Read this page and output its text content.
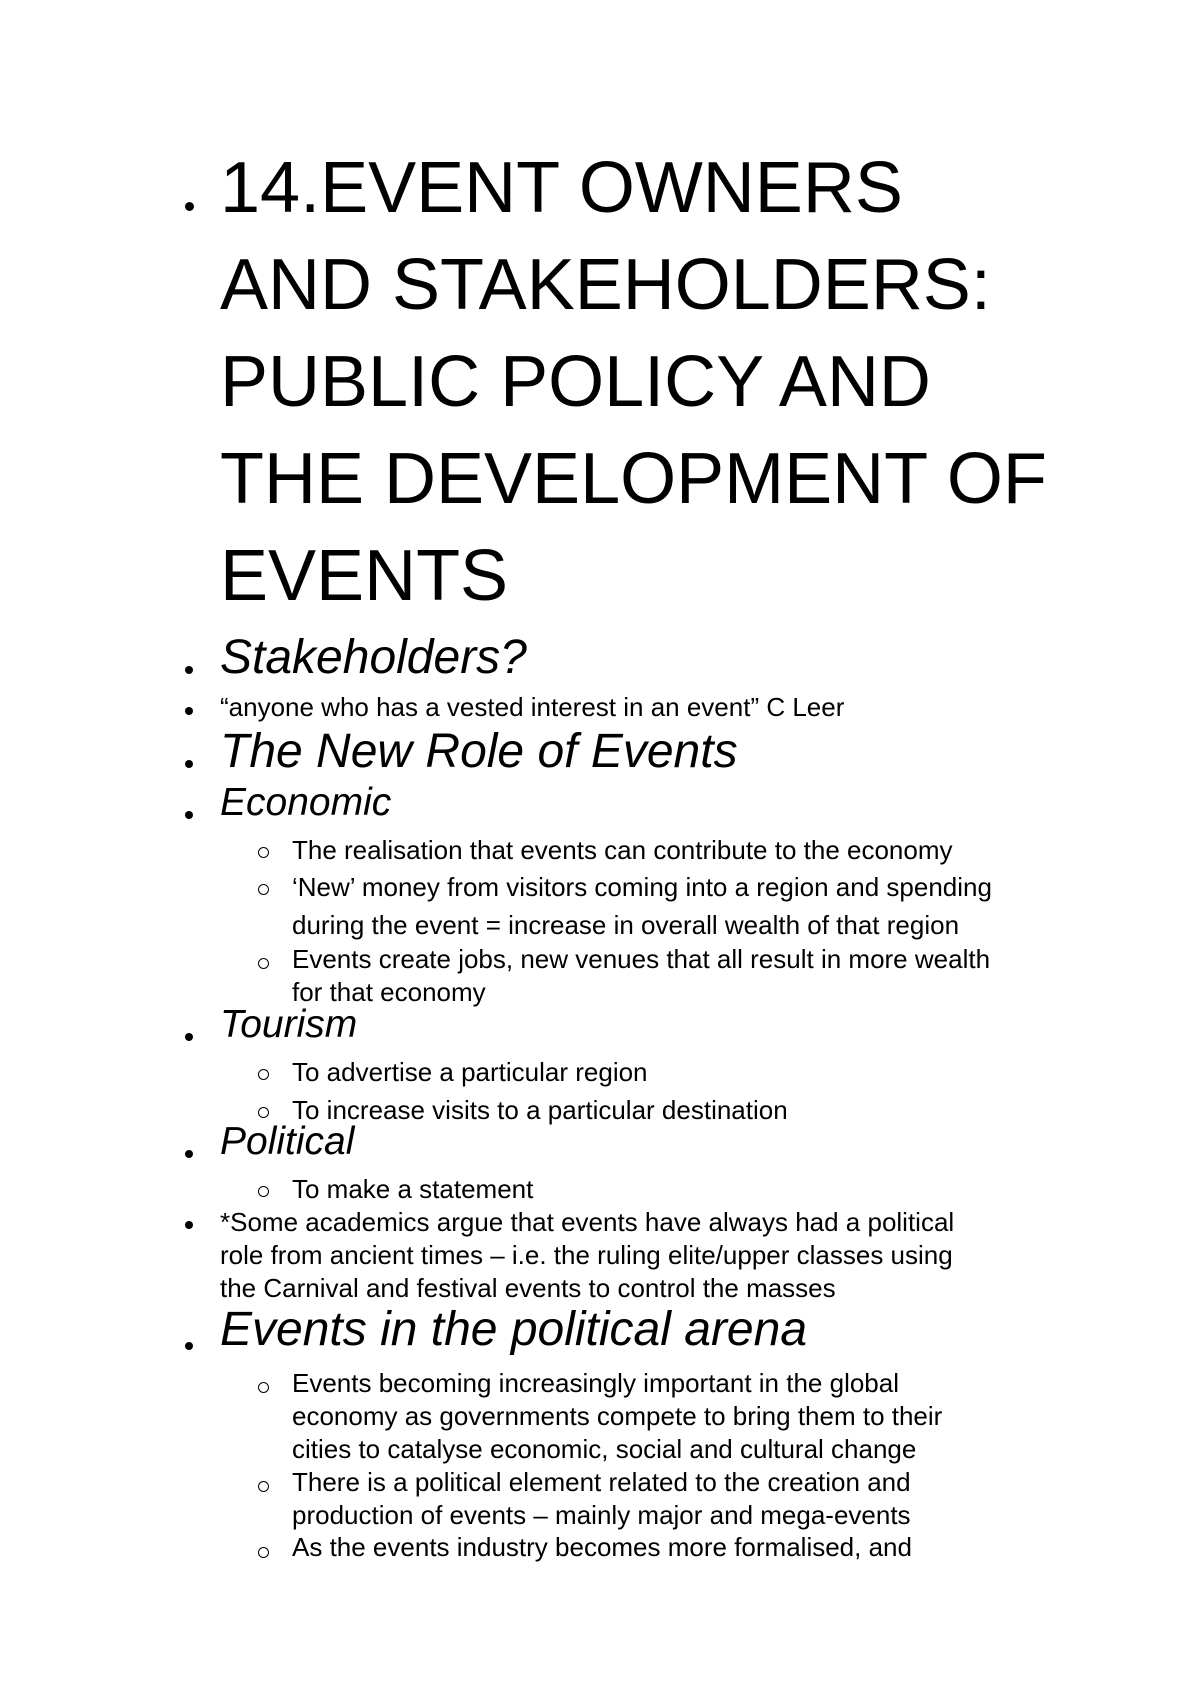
14.EVENT OWNERS
AND STAKEHOLDERS:
PUBLIC POLICY AND
THE DEVELOPMENT OF
EVENTS
Stakeholders?
“anyone who has a vested interest in an event” C Leer
The New Role of Events
Economic
The realisation that events can contribute to the economy
‘New’ money from visitors coming into a region and spending
during the event = increase in overall wealth of that region
Events create jobs, new venues that all result in more wealth
for that economy
Tourism
To advertise a particular region
To increase visits to a particular destination
Political
To make a statement
*Some academics argue that events have always had a political
role from ancient times – i.e. the ruling elite/upper classes using
the Carnival and festival events to control the masses
Events in the political arena
Events becoming increasingly important in the global
economy as governments compete to bring them to their
cities to catalyse economic, social and cultural change
There is a political element related to the creation and
production of events – mainly major and mega-events
As the events industry becomes more formalised, and
